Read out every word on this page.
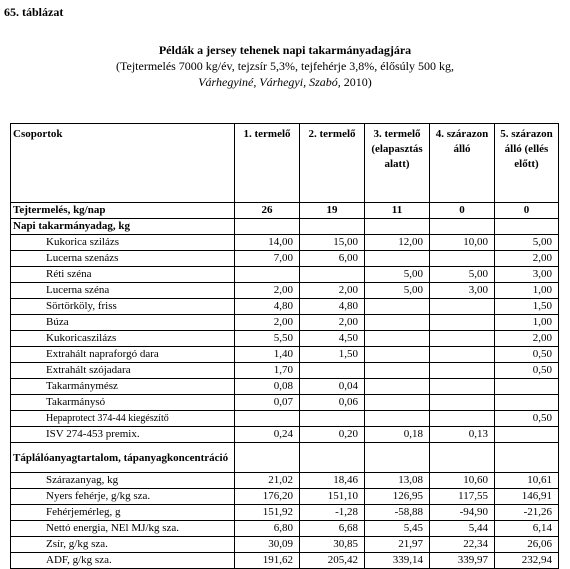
65. táblázat
Példák a jersey tehenek napi takarmányadagjára
(Tejtermelés 7000 kg/év, tejzsír 5,3%, tejfehérje 3,8%, élősúly 500 kg,
Várhegyiné, Várhegyi, Szabó, 2010)
Csoportok	1. termelő	2. termelő	3. termelő (elapasztás alatt)	4. szárazon álló	5. szárazon álló (ellés előtt)
Tejtermelés, kg/nap	26	19	11	0	0
Napi takarmányadag, kg					
Kukorica szilázs	14,00	15,00	12,00	10,00	5,00
Lucerna szenázs	7,00	6,00			2,00
Réti széna			5,00	5,00	3,00
Lucerna széna	2,00	2,00	5,00	3,00	1,00
Sörtörköly, friss	4,80	4,80			1,50
Búza	2,00	2,00			1,00
Kukoricaszilázs	5,50	4,50			2,00
Extrahált napraforgó dara	1,40	1,50			0,50
Extrahált szójadara	1,70				0,50
Takarmánymész	0,08	0,04			
Takarmánysó	0,07	0,06			
Hepaprotect 374-44 kiegészítő					0,50
ISV 274-453 premix.	0,24	0,20	0,18	0,13	
Táplálóanyagtartalom, tápanyagkoncentráció					
Szárazanyag, kg	21,02	18,46	13,08	10,60	10,61
Nyers fehérje, g/kg sza.	176,20	151,10	126,95	117,55	146,91
Fehérjemérleg, g	151,92	-1,28	-58,88	-94,90	-21,26
Nettó energia, NEl MJ/kg sza.	6,80	6,68	5,45	5,44	6,14
Zsír, g/kg sza.	30,09	30,85	21,97	22,34	26,06
ADF, g/kg sza.	191,62	205,42	339,14	339,97	232,94
